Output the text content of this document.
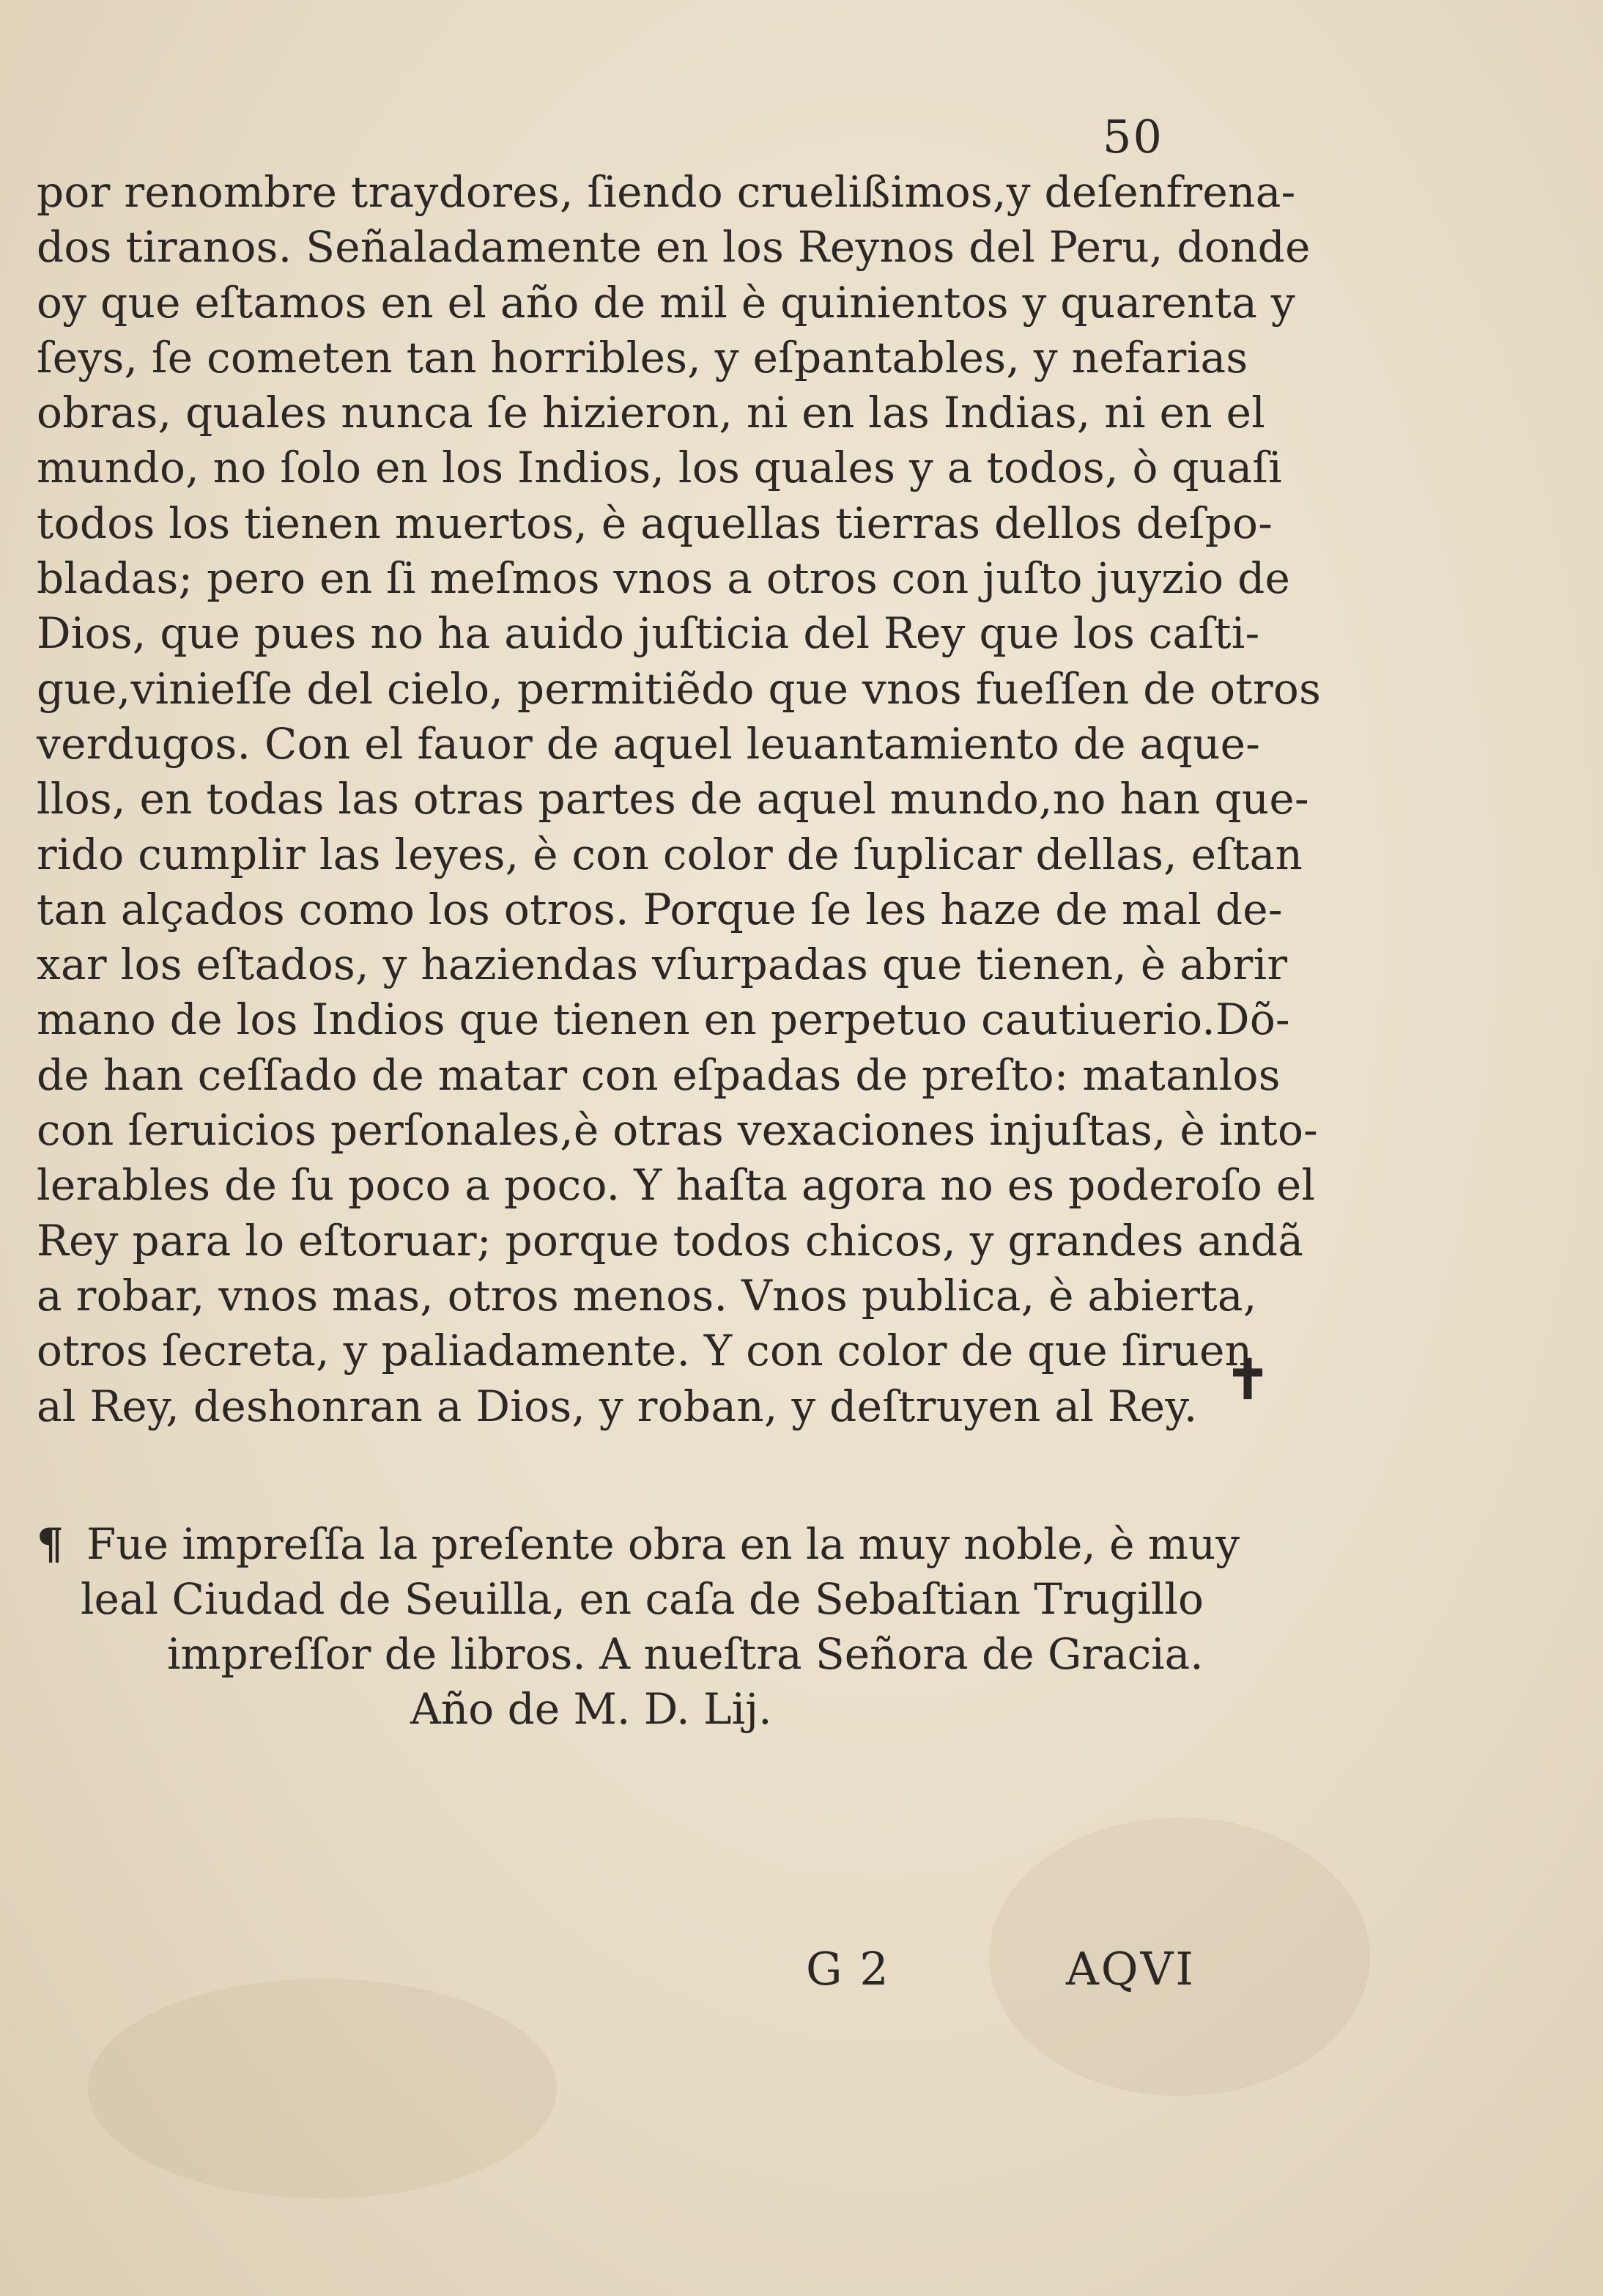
50
por renombre traydores, ſiendo cruelißimos,y deſenfrena-
dos tiranos. Señaladamente en los Reynos del Peru, donde
oy que eſtamos en el año de mil è quinientos y quarenta y
ſeys, ſe cometen tan horribles, y eſpantables, y nefarias
obras, quales nunca ſe hizieron, ni en las Indias, ni en el
mundo, no ſolo en los Indios, los quales y a todos, ò quaſi
todos los tienen muertos, è aquellas tierras dellos deſpo-
bladas; pero en ſi meſmos vnos a otros con juſto juyzio de
Dios, que pues no ha auido juſticia del Rey que los caſti-
gue,vinieſſe del cielo, permitiẽdo que vnos fueſſen de otros
verdugos. Con el fauor de aquel leuantamiento de aque-
llos, en todas las otras partes de aquel mundo,no han que-
rido cumplir las leyes, è con color de ſuplicar dellas, eſtan
tan alçados como los otros. Porque ſe les haze de mal de-
xar los eſtados, y haziendas vſurpadas que tienen, è abrir
mano de los Indios que tienen en perpetuo cautiuerio.Dõ-
de han ceſſado de matar con eſpadas de preſto: matanlos
con ſeruicios perſonales,è otras vexaciones injuſtas, è into-
lerables de ſu poco a poco. Y haſta agora no es poderoſo el
Rey para lo eſtoruar; porque todos chicos, y grandes andã
a robar, vnos mas, otros menos. Vnos publica, è abierta,
otros ſecreta, y paliadamente. Y con color de que ſiruen
al Rey, deshonran a Dios, y roban, y deſtruyen al Rey. ✝
¶ Fue impreſſa la preſente obra en la muy noble, è muy
leal Ciudad de Seuilla, en caſa de Sebaſtian Trugillo
impreſſor de libros. A nueſtra Señora de Gracia.
Año de M. D. Lij.
G 2	AQVI
